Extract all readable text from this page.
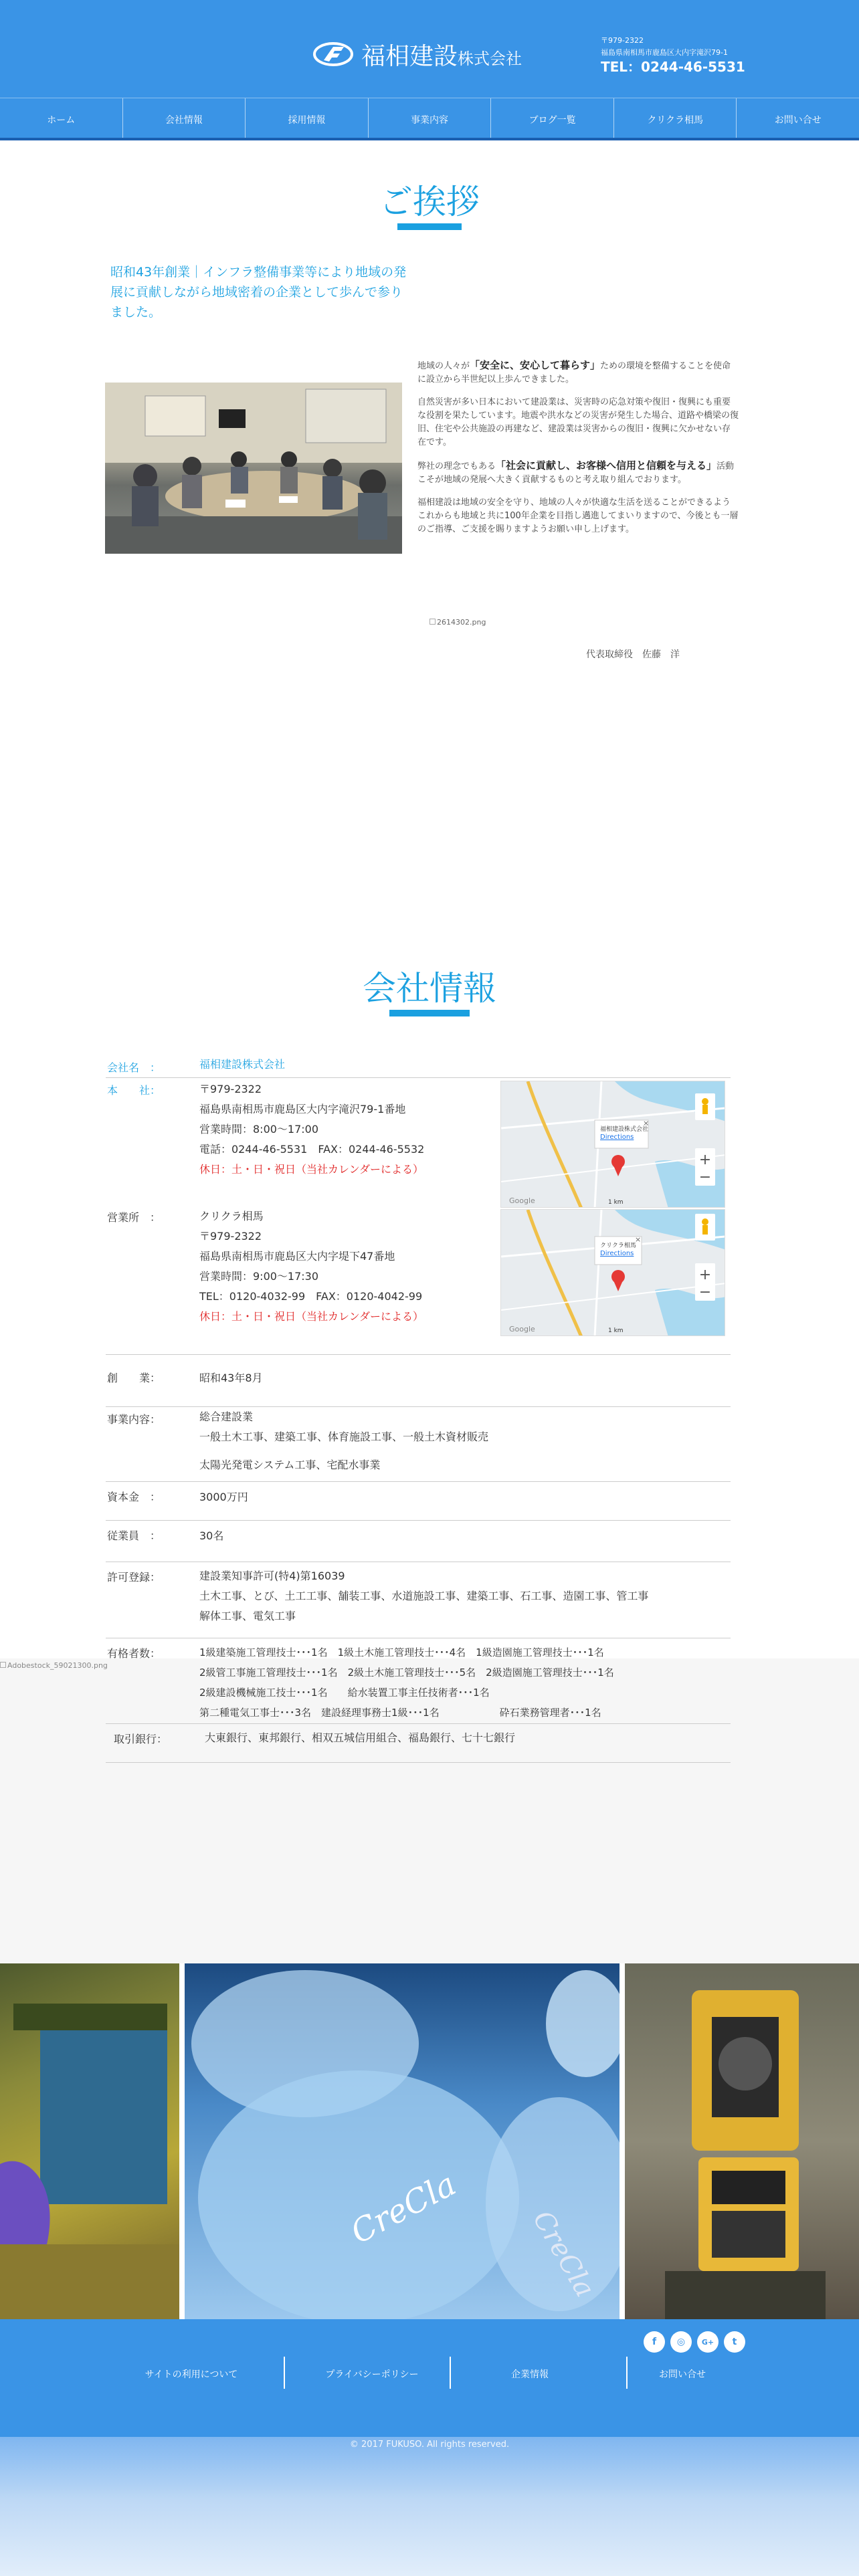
福相建設株式会社
〒979-2322
福島県南相馬市鹿島区大内字滝沢79-1
TEL：0244-46-5531
ホーム	会社情報	採用情報	事業内容	ブログ一覧	クリクラ相馬	お問い合せ
ご挨拶
昭和43年創業｜インフラ整備事業等により地域の発展に貢献しながら地域密着の企業として歩んで参りました。

地域の人々が「安全に、安心して暮らす」ための環境を整備することを使命に設立から半世紀以上歩んできました。

自然災害が多い日本において建設業は、災害時の応急対策や復旧・復興にも重要な役割を果たしています。地震や洪水などの災害が発生した場合、道路や橋梁の復旧、住宅や公共施設の再建など、建設業は災害からの復旧・復興に欠かせない存在です。

弊社の理念でもある「社会に貢献し、お客様へ信用と信頼を与える」活動こそが地域の発展へ大きく貢献するものと考え取り組んでおります。

福相建設は地域の安全を守り、地域の人々が快適な生活を送ることができるようこれからも地域と共に100年企業を目指し邁進してまいりますので、今後とも一層のご指導、ご支援を賜りますようお願い申し上げます。

2614302.png
代表取締役　佐藤　洋
会社情報
Adobestock_59021300.png
会社名　：	福相建設株式会社
本　　社：	〒979-2322
福島県南相馬市鹿島区大内字滝沢79-1番地
営業時間：8:00〜17:00
電話：0244-46-5531　FAX：0244-46-5532
休日：土・日・祝日（当社カレンダーによる）
+
−
Google
福相建設株式会社
Directions
×
1 km
営業所　：	クリクラ相馬
〒979-2322
福島県南相馬市鹿島区大内字堤下47番地
営業時間：9:00〜17:30
TEL：0120-4032-99　FAX：0120-4042-99
休日：土・日・祝日（当社カレンダーによる）
+
−
Google
クリクラ相馬
Directions
×
1 km
創　　業：	昭和43年8月
事業内容：	総合建設業
一般土木工事、建築工事、体育施設工事、一般土木資材販売
太陽光発電システム工事、宅配水事業
資本金　：	3000万円
従業員　：	30名
許可登録：	建設業知事許可(特4)第16039
土木工事、とび、土工工事、舗装工事、水道施設工事、建築工事、石工事、造園工事、管工事
解体工事、電気工事
有格者数：	1級建築施工管理技士･･･1名　1級土木施工管理技士･･･4名　1級造園施工管理技士･･･1名
2級管工事施工管理技士･･･1名　2級土木施工管理技士･･･5名　2級造園施工管理技士･･･1名
2級建設機械施工技士･･･1名　　給水装置工事主任技術者･･･1名
第二種電気工事士･･･3名　建設経理事務士1級･･･1名　　　　　　砕石業務管理者･･･1名
取引銀行：	大東銀行、東邦銀行、相双五城信用組合、福島銀行、七十七銀行
CreCla CreCla
f	◎	G+	t
サイトの利用について	プライバシーポリシー	企業情報	お問い合せ
© 2017 FUKUSO. All rights reserved.
